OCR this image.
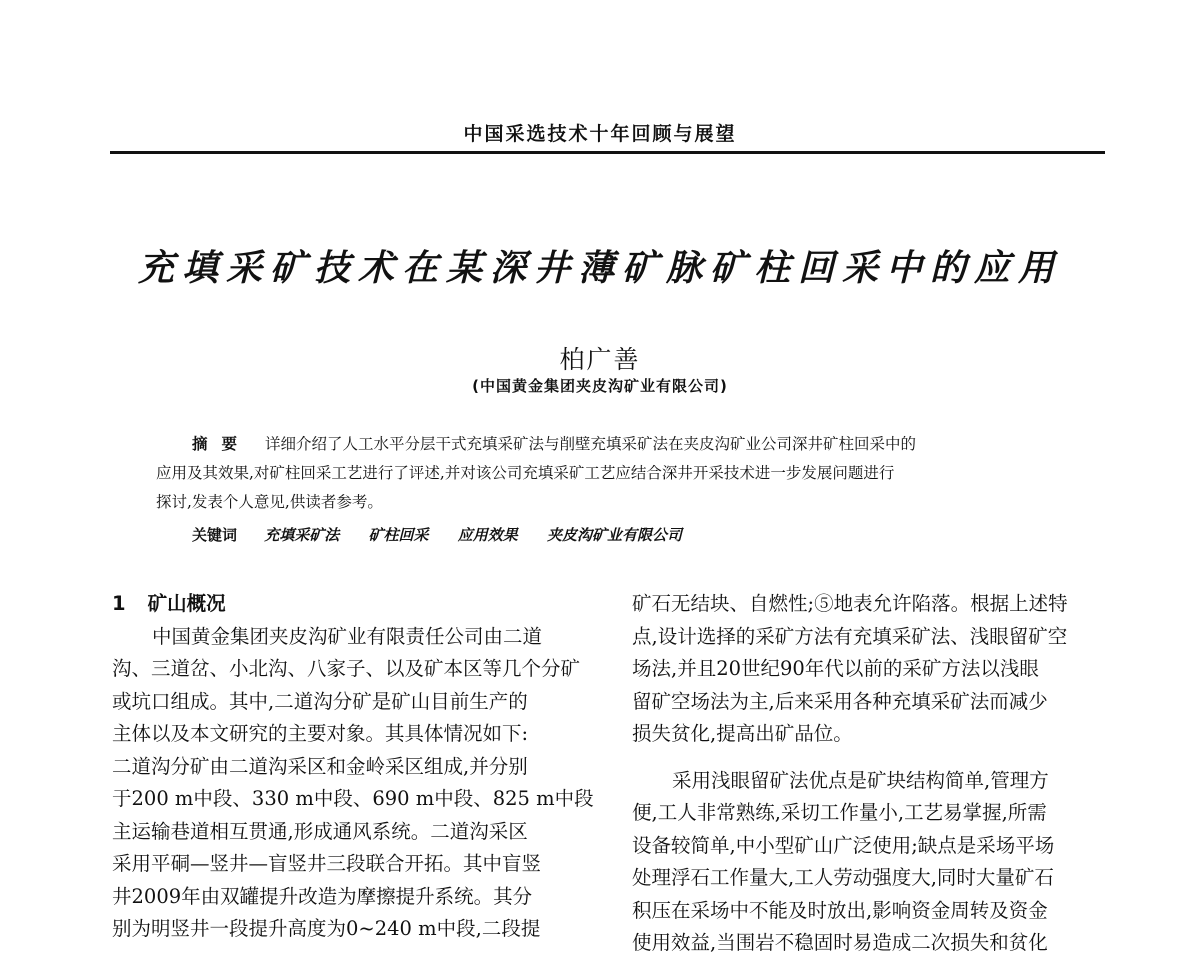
中国采选技术十年回顾与展望
充填采矿技术在某深井薄矿脉矿柱回采中的应用
柏广善
(中国黄金集团夹皮沟矿业有限公司)
摘要 详细介绍了人工水平分层干式充填采矿法与削壁充填采矿法在夹皮沟矿业公司深井矿柱回采中的
应用及其效果,对矿柱回采工艺进行了评述,并对该公司充填采矿工艺应结合深井开采技术进一步发展问题进行
探讨,发表个人意见,供读者参考。
关键词 充填采矿法 矿柱回采 应用效果 夹皮沟矿业有限公司
1 矿山概况
中国黄金集团夹皮沟矿业有限责任公司由二道
沟、三道岔、小北沟、八家子、以及矿本区等几个分矿
或坑口组成。其中,二道沟分矿是矿山目前生产的
主体以及本文研究的主要对象。其具体情况如下:
二道沟分矿由二道沟采区和金岭采区组成,并分别
于200 m中段、330 m中段、690 m中段、825 m中段
主运输巷道相互贯通,形成通风系统。二道沟采区
采用平硐—竖井—盲竖井三段联合开拓。其中盲竖
井2009年由双罐提升改造为摩擦提升系统。其分
别为明竖井一段提升高度为0~240 m中段,二段提
矿石无结块、自燃性;⑤地表允许陷落。根据上述特
点,设计选择的采矿方法有充填采矿法、浅眼留矿空
场法,并且20世纪90年代以前的采矿方法以浅眼
留矿空场法为主,后来采用各种充填采矿法而减少
损失贫化,提高出矿品位。
采用浅眼留矿法优点是矿块结构简单,管理方
便,工人非常熟练,采切工作量小,工艺易掌握,所需
设备较简单,中小型矿山广泛使用;缺点是采场平场
处理浮石工作量大,工人劳动强度大,同时大量矿石
积压在采场中不能及时放出,影响资金周转及资金
使用效益,当围岩不稳固时易造成二次损失和贫化
